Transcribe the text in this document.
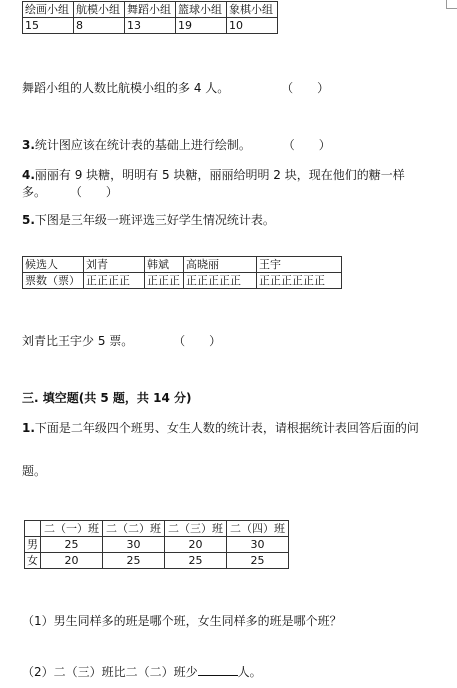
绘画小组	航模小组	舞蹈小组	篮球小组	象棋小组
15	8	13	19	10
舞蹈小组的人数比航模小组的多 4 人。	（　　）
3.统计图应该在统计表的基础上进行绘制。	（　　）
4.丽丽有 9 块糖，明明有 5 块糖，丽丽给明明 2 块，现在他们的糖一样
多。 （　　）
5.下图是三年级一班评选三好学生情况统计表。
候选人	刘青	韩斌	高晓丽	王宇
票数（票）	正正正正	正正正	正正正正正	正正正正正正
刘青比王宇少 5 票。	（　　）
三. 填空题(共 5 题，共 14 分)
1.下面是二年级四个班男、女生人数的统计表，请根据统计表回答后面的问
题。
	二（一）班	二（二）班	二（三）班	二（四）班
男	25	30	20	30
女	20	25	25	25
（1）男生同样多的班是哪个班，女生同样多的班是哪个班？
（2）二（三）班比二（二）班少	人。
